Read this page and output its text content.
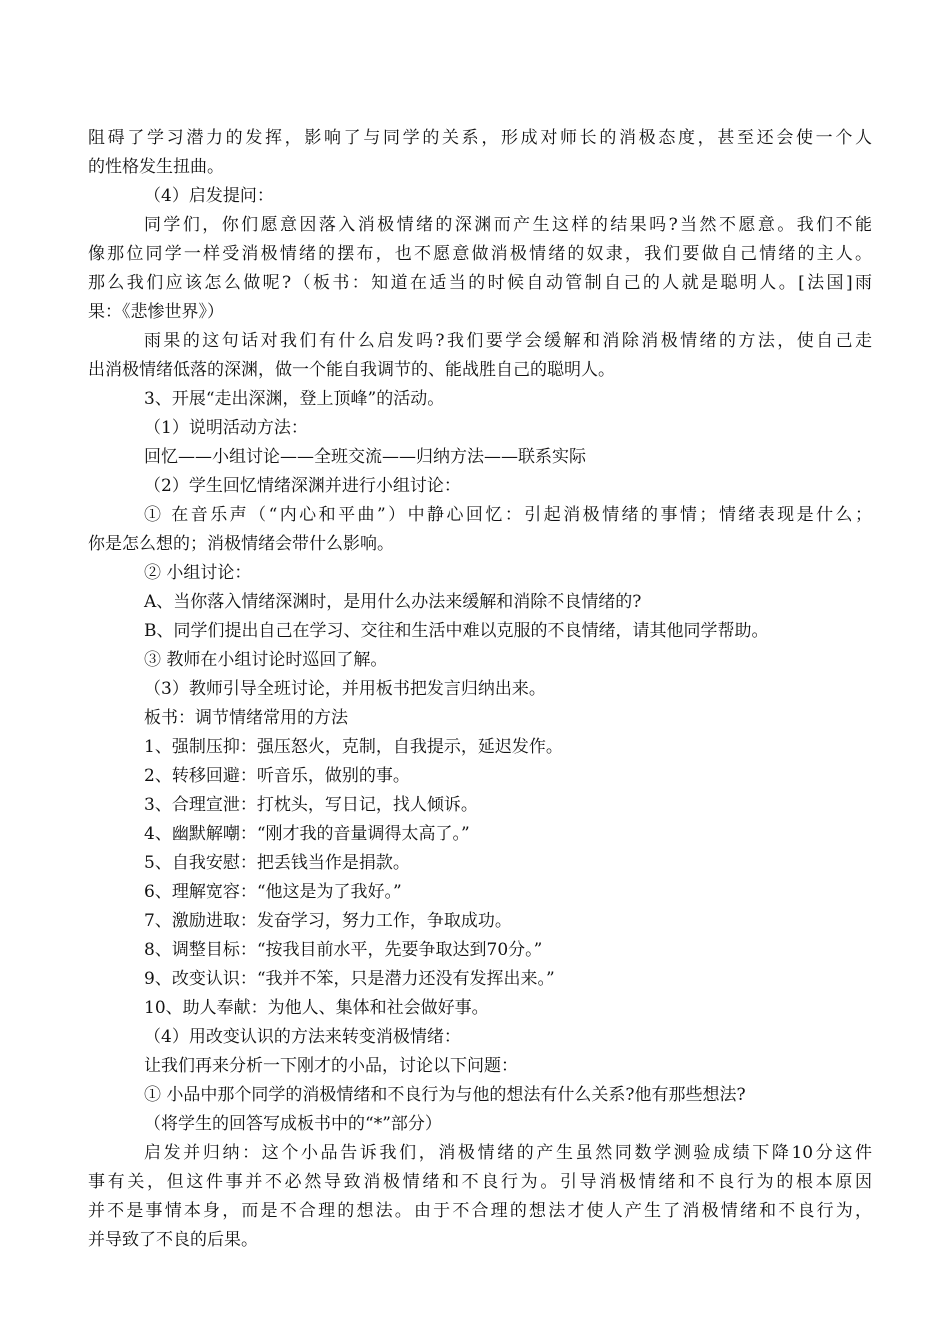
阻碍了学习潜力的发挥，影响了与同学的关系，形成对师长的消极态度，甚至还会使一个人
的性格发生扭曲。
（4）启发提问：
同学们，你们愿意因落入消极情绪的深渊而产生这样的结果吗?当然不愿意。我们不能
像那位同学一样受消极情绪的摆布，也不愿意做消极情绪的奴隶，我们要做自己情绪的主人。
那么我们应该怎么做呢?（板书：知道在适当的时候自动管制自己的人就是聪明人。[法国]雨
果：《悲惨世界》）
雨果的这句话对我们有什么启发吗?我们要学会缓解和消除消极情绪的方法，使自己走
出消极情绪低落的深渊，做一个能自我调节的、能战胜自己的聪明人。
3、开展“走出深渊，登上顶峰”的活动。
（1）说明活动方法：
回忆——小组讨论——全班交流——归纳方法——联系实际
（2）学生回忆情绪深渊并进行小组讨论：
① 在音乐声（“内心和平曲”）中静心回忆：引起消极情绪的事情；情绪表现是什么；
你是怎么想的；消极情绪会带什么影响。
② 小组讨论：
A、当你落入情绪深渊时，是用什么办法来缓解和消除不良情绪的?
B、同学们提出自己在学习、交往和生活中难以克服的不良情绪，请其他同学帮助。
③ 教师在小组讨论时巡回了解。
（3）教师引导全班讨论，并用板书把发言归纳出来。
板书：调节情绪常用的方法
1、强制压抑：强压怒火，克制，自我提示，延迟发作。
2、转移回避：听音乐，做别的事。
3、合理宣泄：打枕头，写日记，找人倾诉。
4、幽默解嘲：“刚才我的音量调得太高了。”
5、自我安慰：把丢钱当作是捐款。
6、理解宽容：“他这是为了我好。”
7、激励进取：发奋学习，努力工作，争取成功。
8、调整目标：“按我目前水平，先要争取达到70分。”
9、改变认识：“我并不笨，只是潜力还没有发挥出来。”
10、助人奉献：为他人、集体和社会做好事。
（4）用改变认识的方法来转变消极情绪：
让我们再来分析一下刚才的小品，讨论以下问题：
① 小品中那个同学的消极情绪和不良行为与他的想法有什么关系?他有那些想法?
（将学生的回答写成板书中的“*”部分）
启发并归纳：这个小品告诉我们，消极情绪的产生虽然同数学测验成绩下降10分这件
事有关，但这件事并不必然导致消极情绪和不良行为。引导消极情绪和不良行为的根本原因
并不是事情本身，而是不合理的想法。由于不合理的想法才使人产生了消极情绪和不良行为，
并导致了不良的后果。
